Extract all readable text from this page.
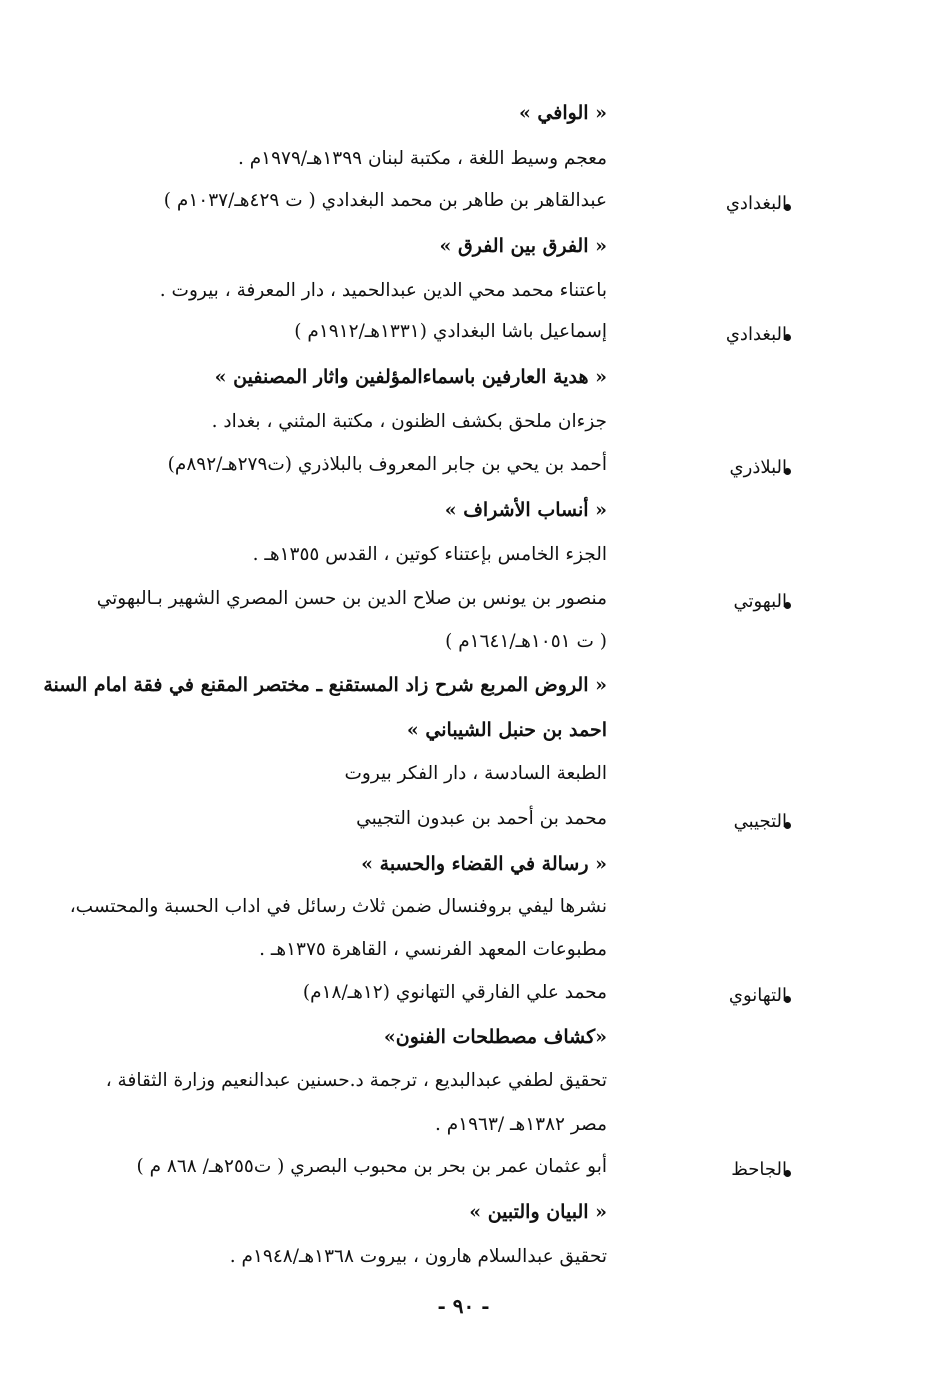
« الوافي »
معجم وسيط اللغة ، مكتبة لبنان ١٣٩٩هـ/١٩٧٩م .
البغدادي
عبدالقاهر بن طاهر بن محمد البغدادي ( ت ٤٢٩هـ/١٠٣٧م )
« الفرق بين الفرق »
باعتناء محمد محي الدين عبدالحميد ، دار المعرفة ، بيروت .
البغدادي
إسماعيل باشا البغدادي (١٣٣١هـ/١٩١٢م )
« هدية العارفين باسماءالمؤلفين واثار المصنفين »
جزءان ملحق بكشف الظنون ، مكتبة المثني ، بغداد .
البلاذري
أحمد بن يحي بن جابر المعروف بالبلاذري (ت٢٧٩هـ/٨٩٢م)
« أنساب الأشراف »
الجزء الخامس بإعتناء كوتين ، القدس ١٣٥٥هـ .
البهوتي
منصور بن يونس بن صلاح الدين بن حسن المصري الشهير بـالبهوتي
( ت ١٠٥١هـ/١٦٤١م )
« الروض المربع شرح زاد المستقنع ـ مختصر المقنع في فقة امام السنة
احمد بن حنبل الشيباني »
الطبعة السادسة ، دار الفكر بيروت
التجيبي
محمد بن أحمد بن عبدون التجيبي
« رسالة في القضاء والحسبة »
نشرها ليفي بروفنسال ضمن ثلاث رسائل في اداب الحسبة والمحتسب،
مطبوعات المعهد الفرنسي ، القاهرة ١٣٧٥هـ .
التهانوي
محمد علي الفارقي التهانوي (١٢هـ/١٨م)
«كشاف مصطلحات الفنون»
تحقيق لطفي عبدالبديع ، ترجمة د.حسنين عبدالنعيم وزارة الثقافة ،
مصر ١٣٨٢هـ /١٩٦٣م .
الجاحظ
أبو عثمان عمر بن بحر بن محبوب البصري ( ت٢٥٥هـ/ ٨٦٨ م )
« البيان والتبين »
تحقيق عبدالسلام هارون ، بيروت ١٣٦٨هـ/١٩٤٨م .
- ٩٠ -
